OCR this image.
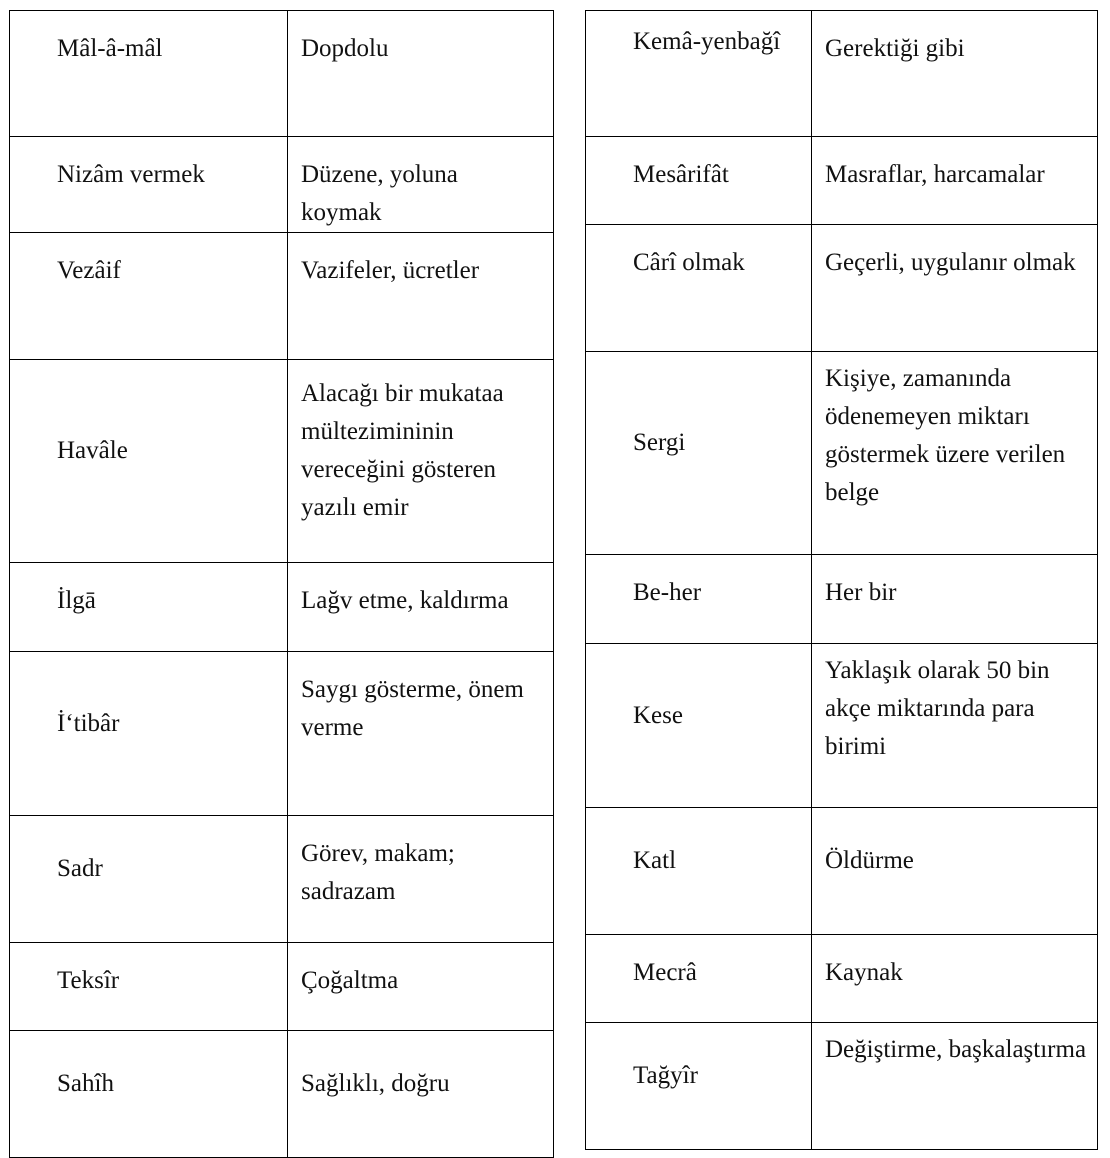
Mâl-â-mâl	Dopdolu
Nizâm vermek	Düzene, yoluna koymak
Vezâif	Vazifeler, ücretler
Havâle	Alacağı bir mukataa mültezimininin vereceğini gösteren yazılı emir
İlgā	Lağv etme, kaldırma
İ‘tibâr	Saygı gösterme, önem verme
Sadr	Görev, makam; sadrazam
Teksîr	Çoğaltma
Sahîh	Sağlıklı, doğru
Kemâ-yenbağî	Gerektiği gibi
Mesârifât	Masraflar, harcamalar
Cârî olmak	Geçerli, uygulanır olmak
Sergi	Kişiye, zamanında ödenemeyen miktarı göstermek üzere verilen belge
Be-her	Her bir
Kese	Yaklaşık olarak 50 bin akçe miktarında para birimi
Katl	Öldürme
Mecrâ	Kaynak
Tağyîr	Değiştirme, başkalaştırma
